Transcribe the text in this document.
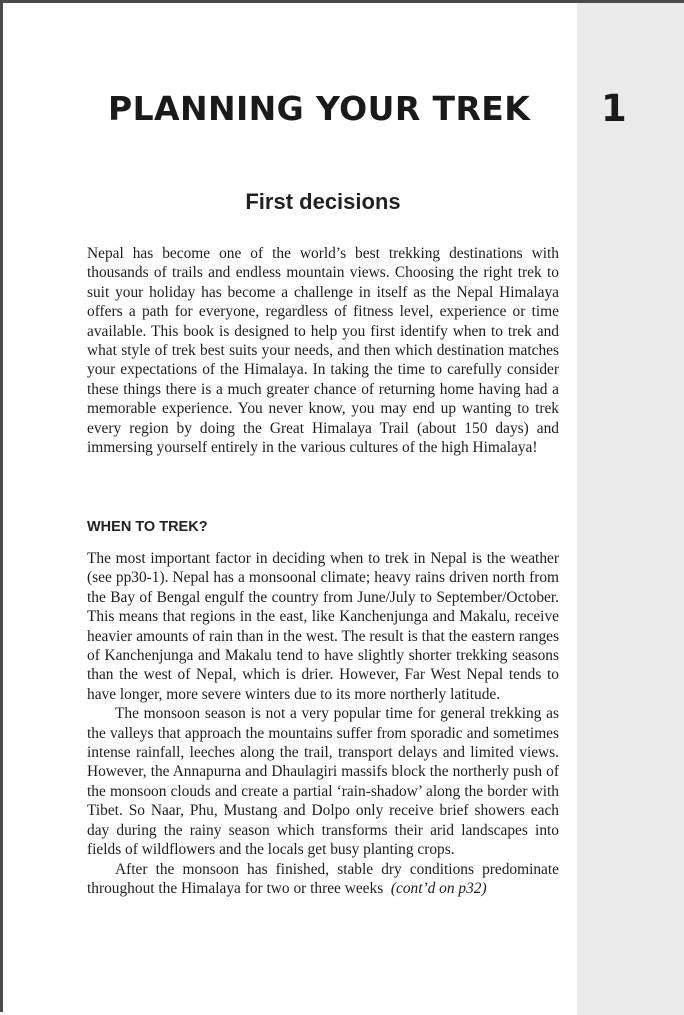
PLANNING YOUR TREK	1
First decisions

Nepal has become one of the world’s best trekking destinations with thousands of trails and endless mountain views. Choosing the right trek to suit your holiday has become a challenge in itself as the Nepal Himalaya offers a path for everyone, regardless of fitness level, experience or time available. This book is designed to help you first identify when to trek and what style of trek best suits your needs, and then which destination matches your expectations of the Himalaya. In taking the time to carefully consider these things there is a much greater chance of returning home having had a memorable experience. You never know, you may end up wanting to trek every region by doing the Great Himalaya Trail (about 150 days) and immersing yourself entirely in the various cultures of the high Himalaya!

WHEN TO TREK?

The most important factor in deciding when to trek in Nepal is the weather (see pp30-1). Nepal has a monsoonal climate; heavy rains driven north from the Bay of Bengal engulf the country from June/July to September/October. This means that regions in the east, like Kanchenjunga and Makalu, receive heavier amounts of rain than in the west. The result is that the eastern ranges of Kanchenjunga and Makalu tend to have slightly shorter trekking seasons than the west of Nepal, which is drier. However, Far West Nepal tends to have longer, more severe winters due to its more northerly latitude.

The monsoon season is not a very popular time for general trekking as the valleys that approach the mountains suffer from sporadic and sometimes intense rainfall, leeches along the trail, transport delays and limited views. However, the Annapurna and Dhaulagiri massifs block the northerly push of the monsoon clouds and create a partial ‘rain-shadow’ along the border with Tibet. So Naar, Phu, Mustang and Dolpo only receive brief showers each day during the rainy season which transforms their arid landscapes into fields of wildflowers and the locals get busy planting crops.

After the monsoon has finished, stable dry conditions predominate throughout the Himalaya for two or three weeks (cont’d on p32)
